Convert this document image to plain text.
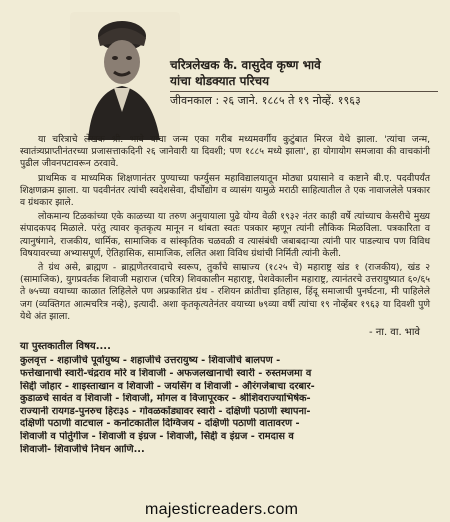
चरित्रलेखक कै. वासुदेव कृष्ण भावे
यांचा थोडक्यात परिचय
जीवनकाल : २६ जाने. १८८५ ते १९ नोव्हें. १९६३

या चरित्राचे लेखक श्री. भावे यांचा जन्म एका गरीब मध्यमवर्गीय कुटुंबात मिरज येथे झाला. 'त्यांचा जन्म, स्वातंत्र्यप्राप्तीनंतरच्या प्रजासत्ताकदिनी २६ जानेवारी या दिवशी; पण १८८५ मध्ये झाला', हा योगायोग समजावा की वाचकांनी पुढील जीवनपटावरून ठरवावे.

प्राथमिक व माध्यमिक शिक्षणानंतर पुण्याच्या फर्ग्युसन महाविद्यालयातून मोठ्या प्रयासाने व कष्टाने बी.ए. पदवीपर्यंत शिक्षणक्रम झाला. या पदवीनंतर त्यांची स्वदेशसेवा, दीर्घोद्योग व व्यासंग यामुळे मराठी साहित्यातील ते एक नावाजलेले पत्रकार व ग्रंथकार झाले.

लोकमान्य टिळकांच्या एके काळच्या या तरुण अनुयायाला पुढे योग्य वेळी १९३२ नंतर काही वर्षे त्यांच्याच केसरीचे मुख्य संपादकपद मिळाले. परंतु त्यावर कृतकृत्य मानून न थांबता स्वतः पत्रकार म्हणून त्यांनी लौकिक मिळविला. पत्रकारिता व त्यानुषंगाने, राजकीय, धार्मिक, सामाजिक व सांस्कृतिक चळवळी व त्यासंबंधी जबाबदाऱ्या त्यांनी पार पाडल्याच पण विविध विषयावरच्या अभ्यासपूर्ण, ऐतिहासिक, सामाजिक, ललित अशा विविध ग्रंथांची निर्मिती त्यांनी केली.

ते ग्रंथ असे, ब्राह्मण - ब्राह्मणेतरवादाचे स्वरूप, तुर्कांचे साम्राज्य (१८२५ चे) महाराष्ट्र खंड १ (राजकीय), खंड २ (सामाजिक), युगप्रवर्तक शिवाजी महाराज (चरित्र) शिवकालीन महाराष्ट्र, पेशवेकालीन महाराष्ट्र, त्यानंतरचे उत्तरायुष्यात ६०/६५ ते ७५च्या वयाच्या काळात लिहिलेले पण अप्रकाशित ग्रंथ - रशियन क्रांतीचा इतिहास, हिंदू समाजाची पुनर्घटना, मी पाहिलेले जग (व्यक्तिगत आत्मचरित्र नव्हे), इत्यादी. अशा कृतकृत्यतेनंतर वयाच्या ७९व्या वर्षी त्यांचा १९ नोव्हेंबर १९६३ या दिवशी पुणे येथे अंत झाला.

- ना. वा. भावे
या पुस्तकातील विषय....
कुलवृत्त - शहाजीचे पूर्वायुष्य - शहाजीचे उत्तरायुष्य - शिवाजीचे बालपण -
फत्तेखानाची स्वारी-चंद्रराव मोरे व शिवाजी - अफजलखानाची स्वारी - रुस्तमजमा व
सिद्दी जोहार - शाइस्ताखान व शिवाजी - जयसिंग व शिवाजी - औरंगजेबाचा दरबार-
कुडाळचे सावंत व शिवाजी - शिवाजी, मोगल व विजापूरकर - श्रीशिवराज्याभिषेक-
राज्यानी रायगड-पुनरुच हिरः३ऽ - गोवळकोंड्यावर स्वारी - दक्षिणी पठाणी स्थापना-
दक्षिणी पठाणी वाटचाल - कर्नाटकातील दिग्विजय - दक्षिणी पठाणी वातावरण -
शिवाजी व पोर्तुगीज - शिवाजी व इंग्रज - शिवाजी, सिद्दी व इंग्रज - रामदास व
शिवाजी- शिवाजीचे निधन आणि...
majesticreaders.com
